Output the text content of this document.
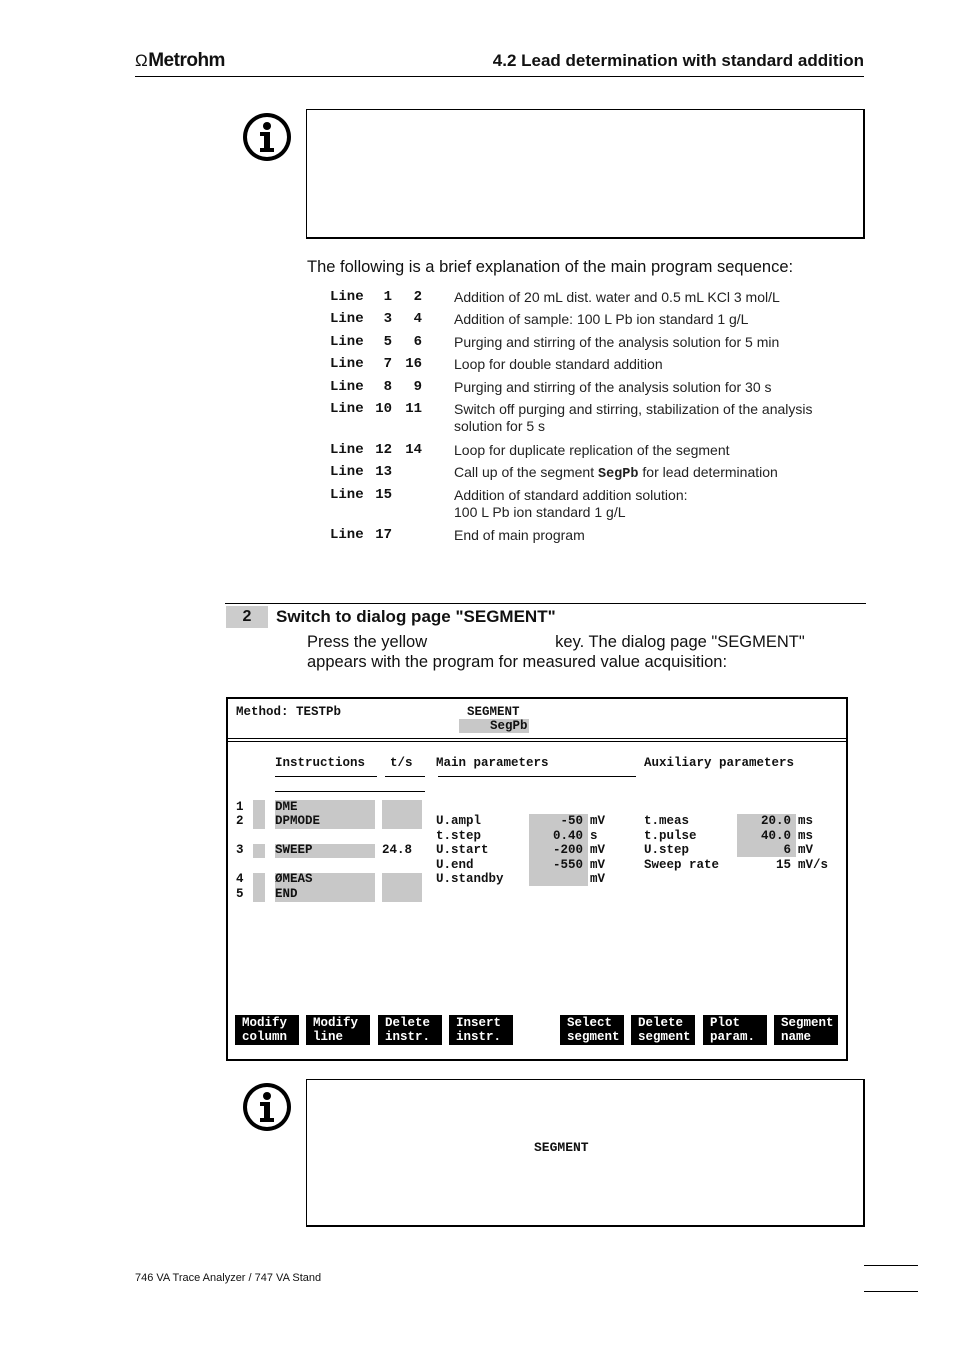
ΩMetrohm	4.2 Lead determination with standard addition
The following is a brief explanation of the main program sequence:
Line	1	2 Addition of 20 mL dist. water and 0.5 mL KCl 3 mol/L
Line	3	4 Addition of sample: 100 L Pb ion standard 1 g/L
Line	5	6 Purging and stirring of the analysis solution for 5 min
Line	7 16 Loop for double standard addition
Line	8	9 Purging and stirring of the analysis solution for 30 s
Line 10 11 Switch off purging and stirring, stabilization of the analysis solution for 5 s
Line 12 14 Loop for duplicate replication of the segment
Line 13	Call up of the segment SegPb for lead determination
Line 15	Addition of standard addition solution: 100 L Pb ion standard 1 g/L
Line 17	End of main program
2	Switch to dialog page "SEGMENT"
Press the yellow	key. The dialog page "SEGMENT"
appears with the program for measured value acquisition:
Method: TESTPb	SEGMENT
SegPb
Instructions t/s Main parameters	Auxiliary parameters
1	DME
2	DPMODE
3	SWEEP	24.8
4	ØMEAS
5	END
U.ampl	-50 mV
t.step	0.40 s
U.start	-200 mV
U.end	-550 mV
U.standby	mV
t.meas	20.0 ms
t.pulse	40.0 ms
U.step	6 mV
Sweep rate	15 mV/s
Modify
column
Modify
line
Delete
instr.
Insert
instr.
Select
segment
Delete
segment
Plot
param.
Segment
name
SEGMENT
746 VA Trace Analyzer / 747 VA Stand
